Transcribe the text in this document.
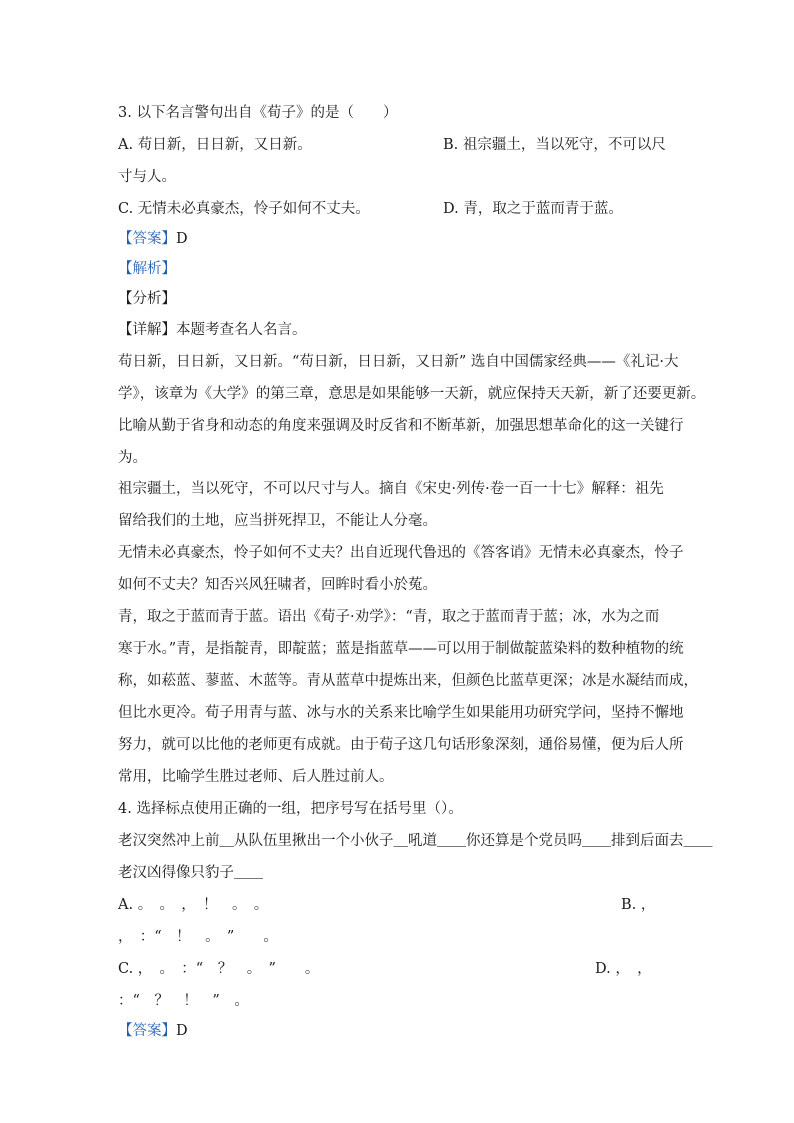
3. 以下名言警句出自《荀子》的是（　　）
A. 苟日新，日日新，又日新。	B. 祖宗疆土，当以死守，不可以尺
寸与人。
C. 无情未必真豪杰，怜子如何不丈夫。	D. 青，取之于蓝而青于蓝。
【答案】D
【解析】
【分析】
【详解】本题考查名人名言。
苟日新，日日新，又日新。“苟日新，日日新，又日新” 选自中国儒家经典——《礼记·大
学》，该章为《大学》的第三章，意思是如果能够一天新，就应保持天天新，新了还要更新。
比喻从勤于省身和动态的角度来强调及时反省和不断革新，加强思想革命化的这一关键行
为。
祖宗疆土，当以死守，不可以尺寸与人。摘自《宋史·列传·卷一百一十七》解释：祖先
留给我们的土地，应当拼死捍卫，不能让人分毫。
无情未必真豪杰，怜子如何不丈夫？出自近现代鲁迅的《答客诮》无情未必真豪杰，怜子
如何不丈夫？知否兴风狂啸者，回眸时看小於菟。
青，取之于蓝而青于蓝。语出《荀子·劝学》：“青，取之于蓝而青于蓝；冰，水为之而
寒于水。”青，是指靛青，即靛蓝；蓝是指蓝草——可以用于制做靛蓝染料的数种植物的统
称，如菘蓝、蓼蓝、木蓝等。青从蓝草中提炼出来，但颜色比蓝草更深；冰是水凝结而成，
但比水更冷。荀子用青与蓝、冰与水的关系来比喻学生如果能用功研究学问，坚持不懈地
努力，就可以比他的老师更有成就。由于荀子这几句话形象深刻，通俗易懂，便为后人所
常用，比喻学生胜过老师、后人胜过前人。
4. 选择标点使用正确的一组，把序号写在括号里（）。
老汉突然冲上前＿从队伍里揪出一个小伙子＿吼道＿＿你还算是个党员吗＿＿排到后面去＿＿
老汉凶得像只豹子＿＿
A. 。　。　，　！　。　。	B. ，
，　：“　！　。　”　　。
C. ，　。　：“　？　。　”　　。	D. ，　，
：“　？　！　”　。
【答案】D
